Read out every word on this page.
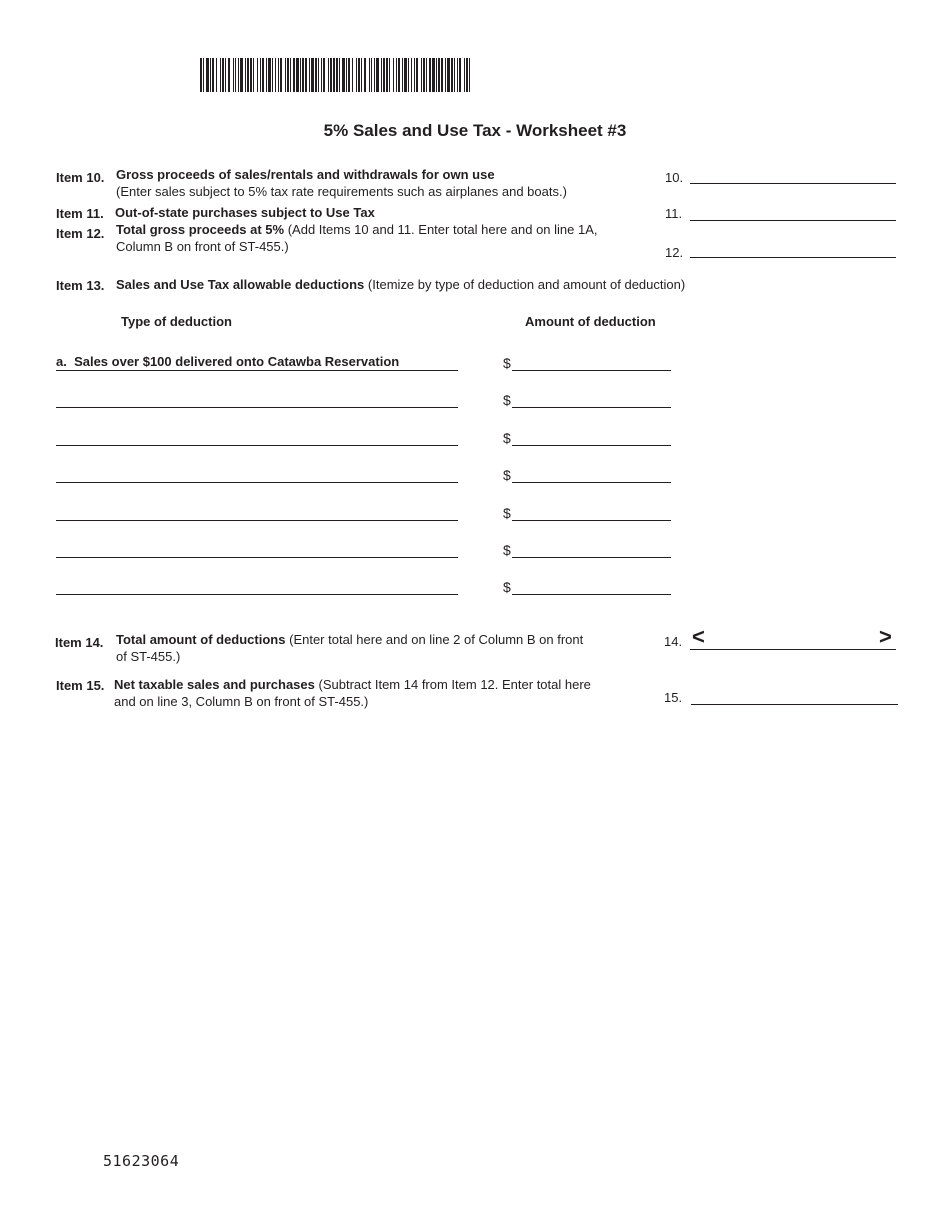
5% Sales and Use Tax - Worksheet #3
Item 10. Gross proceeds of sales/rentals and withdrawals for own use
(Enter sales subject to 5% tax rate requirements such as airplanes and boats.)
10.
Item 11. Out-of-state purchases subject to Use Tax	11.
Item 12. Total gross proceeds at 5% (Add Items 10 and 11. Enter total here and on line 1A,
Column B on front of ST-455.)	12.
Item 13. Sales and Use Tax allowable deductions (Itemize by type of deduction and amount of deduction)
Type of deduction	Amount of deduction
a.  Sales over $100 delivered onto Catawba Reservation	$
$
$
$
$
$
$
Item 14. Total amount of deductions (Enter total here and on line 2 of Column B on front
of ST-455.)
14. <	>
Item 15. Net taxable sales and purchases (Subtract Item 14 from Item 12. Enter total here
and on line 3, Column B on front of ST-455.)	15.
51623064
